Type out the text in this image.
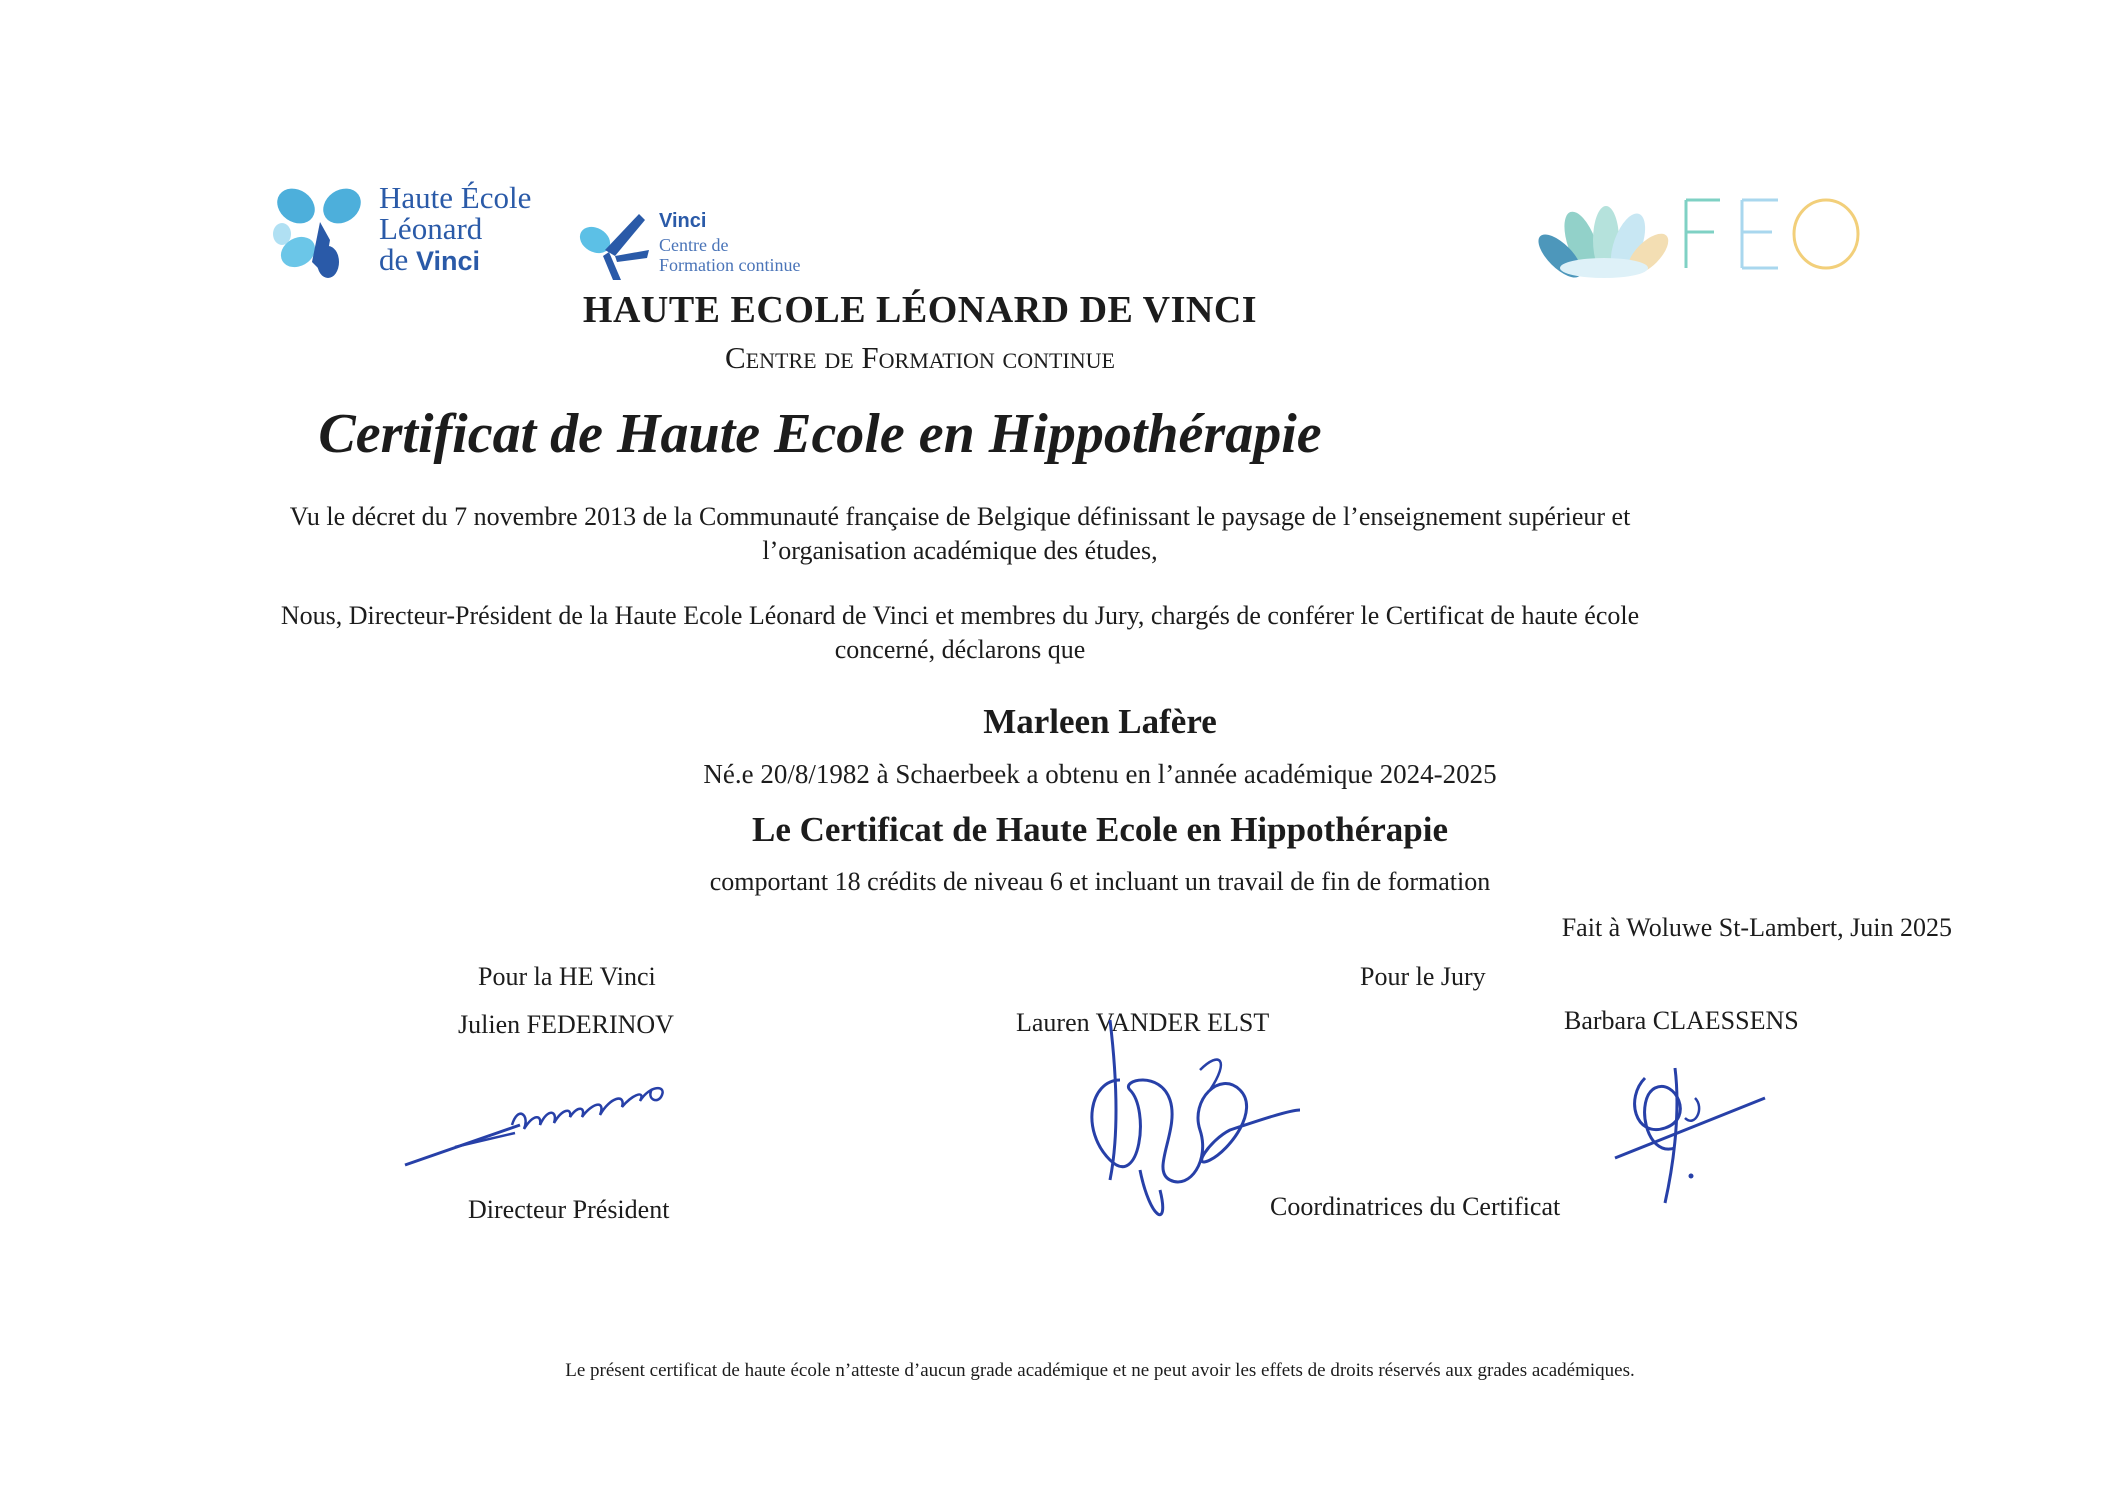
Haute École
Léonard
de Vinci
Vinci
Centre de
Formation continue
HAUTE ECOLE LÉONARD DE VINCI
Centre de Formation continue
Certificat de Haute Ecole en Hippothérapie
Vu le décret du 7 novembre 2013 de la Communauté française de Belgique définissant le paysage de l’enseignement supérieur et l’organisation académique des études,
Nous, Directeur-Président de la Haute Ecole Léonard de Vinci et membres du Jury, chargés de conférer le Certificat de haute école concerné, déclarons que
Marleen Lafère
Né.e 20/8/1982 à Schaerbeek a obtenu en l’année académique 2024-2025
Le Certificat de Haute Ecole en Hippothérapie
comportant 18 crédits de niveau 6 et incluant un travail de fin de formation
Fait à Woluwe St-Lambert, Juin 2025
Pour la HE Vinci
Julien FEDERINOV
Directeur Président
Pour le Jury
Lauren VANDER ELST	Barbara CLAESSENS
Coordinatrices du Certificat
Le présent certificat de haute école n’atteste d’aucun grade académique et ne peut avoir les effets de droits réservés aux grades académiques.
